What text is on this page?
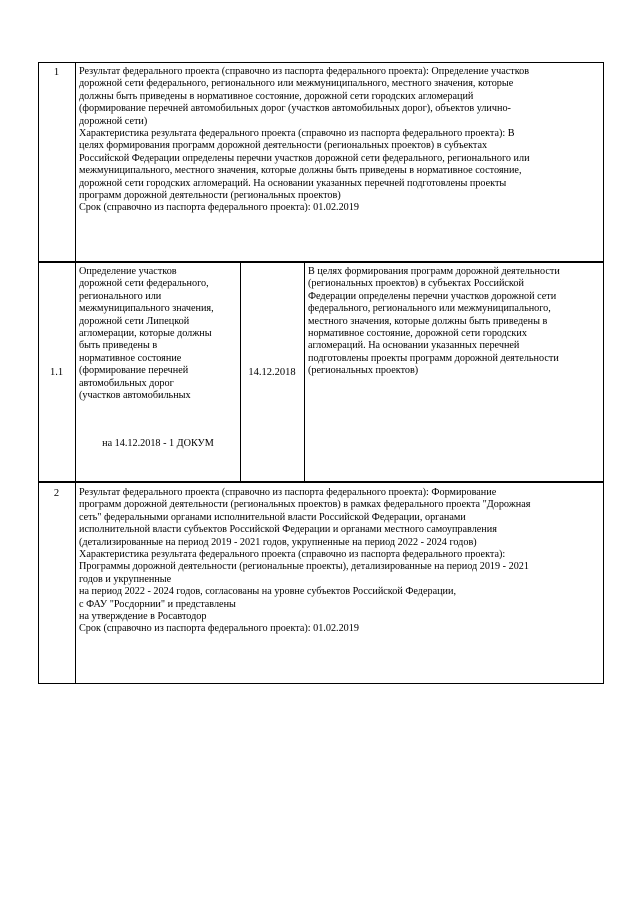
1	Результат федерального проекта (справочно из паспорта федерального проекта): Определение участков
дорожной сети федерального, регионального или межмуниципального, местного значения, которые
должны быть приведены в нормативное состояние, дорожной сети городских агломераций
(формирование перечней автомобильных дорог (участков автомобильных дорог), объектов улично-
дорожной сети)
Характеристика результата федерального проекта (справочно из паспорта федерального проекта): В
целях формирования программ дорожной деятельности (региональных проектов) в субъектах
Российской Федерации определены перечни участков дорожной сети федерального, регионального или
межмуниципального, местного значения, которые должны быть приведены в нормативное состояние,
дорожной сети городских агломераций. На основании указанных перечней подготовлены проекты
программ дорожной деятельности (региональных проектов)
Срок (справочно из паспорта федерального проекта): 01.02.2019
1.1
Определение участков
дорожной сети федерального,
регионального или
межмуниципального значения,
дорожной сети Липецкой
агломерации, которые должны
быть приведены в
нормативное состояние
(формирование перечней
автомобильных дорог
(участков автомобильных
на 14.12.2018 - 1 ДОКУМ
14.12.2018
В целях формирования программ дорожной деятельности
(региональных проектов) в субъектах Российской
Федерации определены перечни участков дорожной сети
федерального, регионального или межмуниципального,
местного значения, которые должны быть приведены в
нормативное состояние, дорожной сети городских
агломераций. На основании указанных перечней
подготовлены проекты программ дорожной деятельности
(региональных проектов)
2	Результат федерального проекта (справочно из паспорта федерального проекта): Формирование
программ дорожной деятельности (региональных проектов) в рамках федерального проекта "Дорожная
сеть" федеральными органами исполнительной власти Российской Федерации, органами
исполнительной власти субъектов Российской Федерации и органами местного самоуправления
(детализированные на период 2019 - 2021 годов, укрупненные на период 2022 - 2024 годов)
Характеристика результата федерального проекта (справочно из паспорта федерального проекта):
Программы дорожной деятельности (региональные проекты), детализированные на период 2019 - 2021
годов и укрупненные
на период 2022 - 2024 годов, согласованы на уровне субъектов Российской Федерации,
с ФАУ "Росдорнии" и представлены
на утверждение в Росавтодор
Срок (справочно из паспорта федерального проекта): 01.02.2019
